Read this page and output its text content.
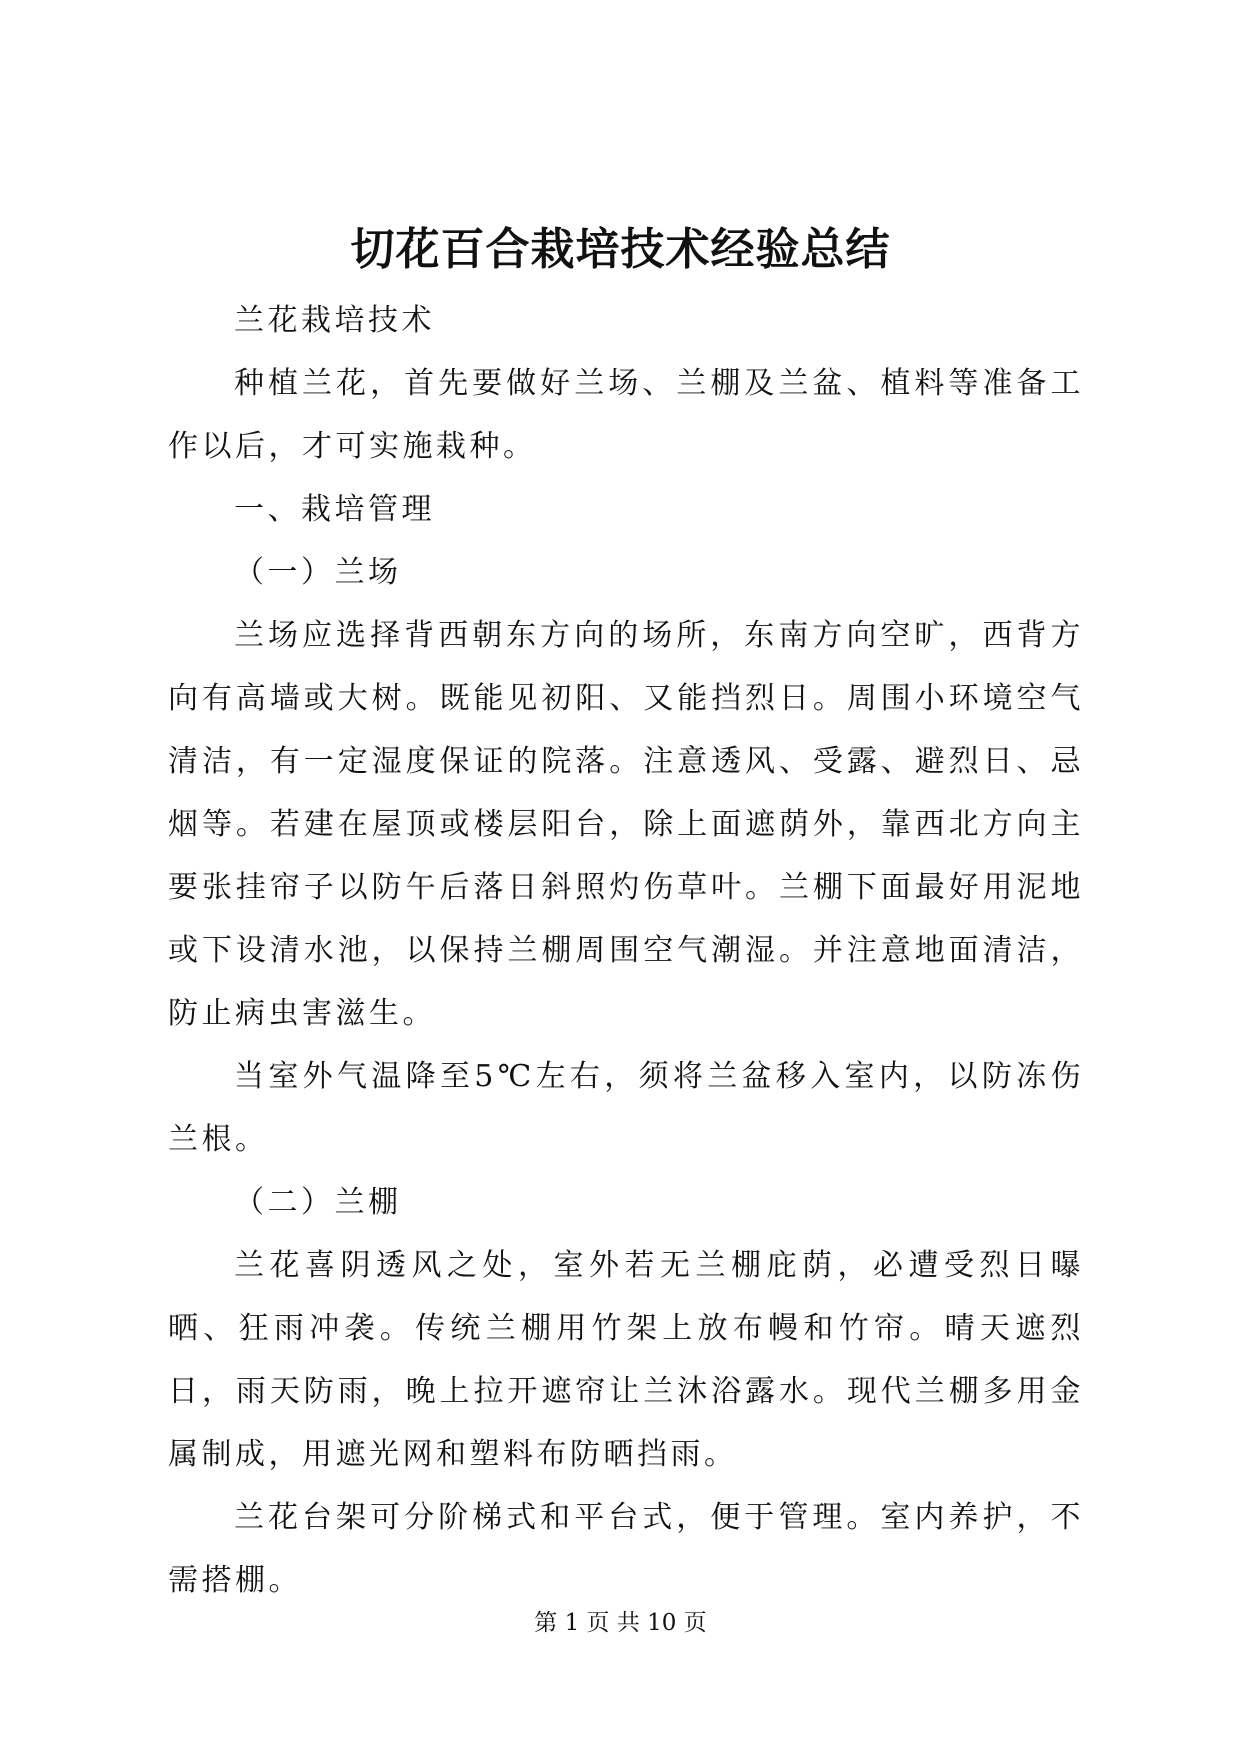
切花百合栽培技术经验总结

兰花栽培技术

种植兰花，首先要做好兰场、兰棚及兰盆、植料等准备工作以后，才可实施栽种。

一、栽培管理

（一）兰场

兰场应选择背西朝东方向的场所，东南方向空旷，西背方向有高墙或大树。既能见初阳、又能挡烈日。周围小环境空气清洁，有一定湿度保证的院落。注意透风、受露、避烈日、忌烟等。若建在屋顶或楼层阳台，除上面遮荫外，靠西北方向主要张挂帘子以防午后落日斜照灼伤草叶。兰棚下面最好用泥地或下设清水池，以保持兰棚周围空气潮湿。并注意地面清洁，防止病虫害滋生。

当室外气温降至5℃左右，须将兰盆移入室内，以防冻伤兰根。

（二）兰棚

兰花喜阴透风之处，室外若无兰棚庇荫，必遭受烈日曝晒、狂雨冲袭。传统兰棚用竹架上放布幔和竹帘。晴天遮烈日，雨天防雨，晚上拉开遮帘让兰沐浴露水。现代兰棚多用金属制成，用遮光网和塑料布防晒挡雨。

兰花台架可分阶梯式和平台式，便于管理。室内养护，不需搭棚。

第 1 页 共 10 页
